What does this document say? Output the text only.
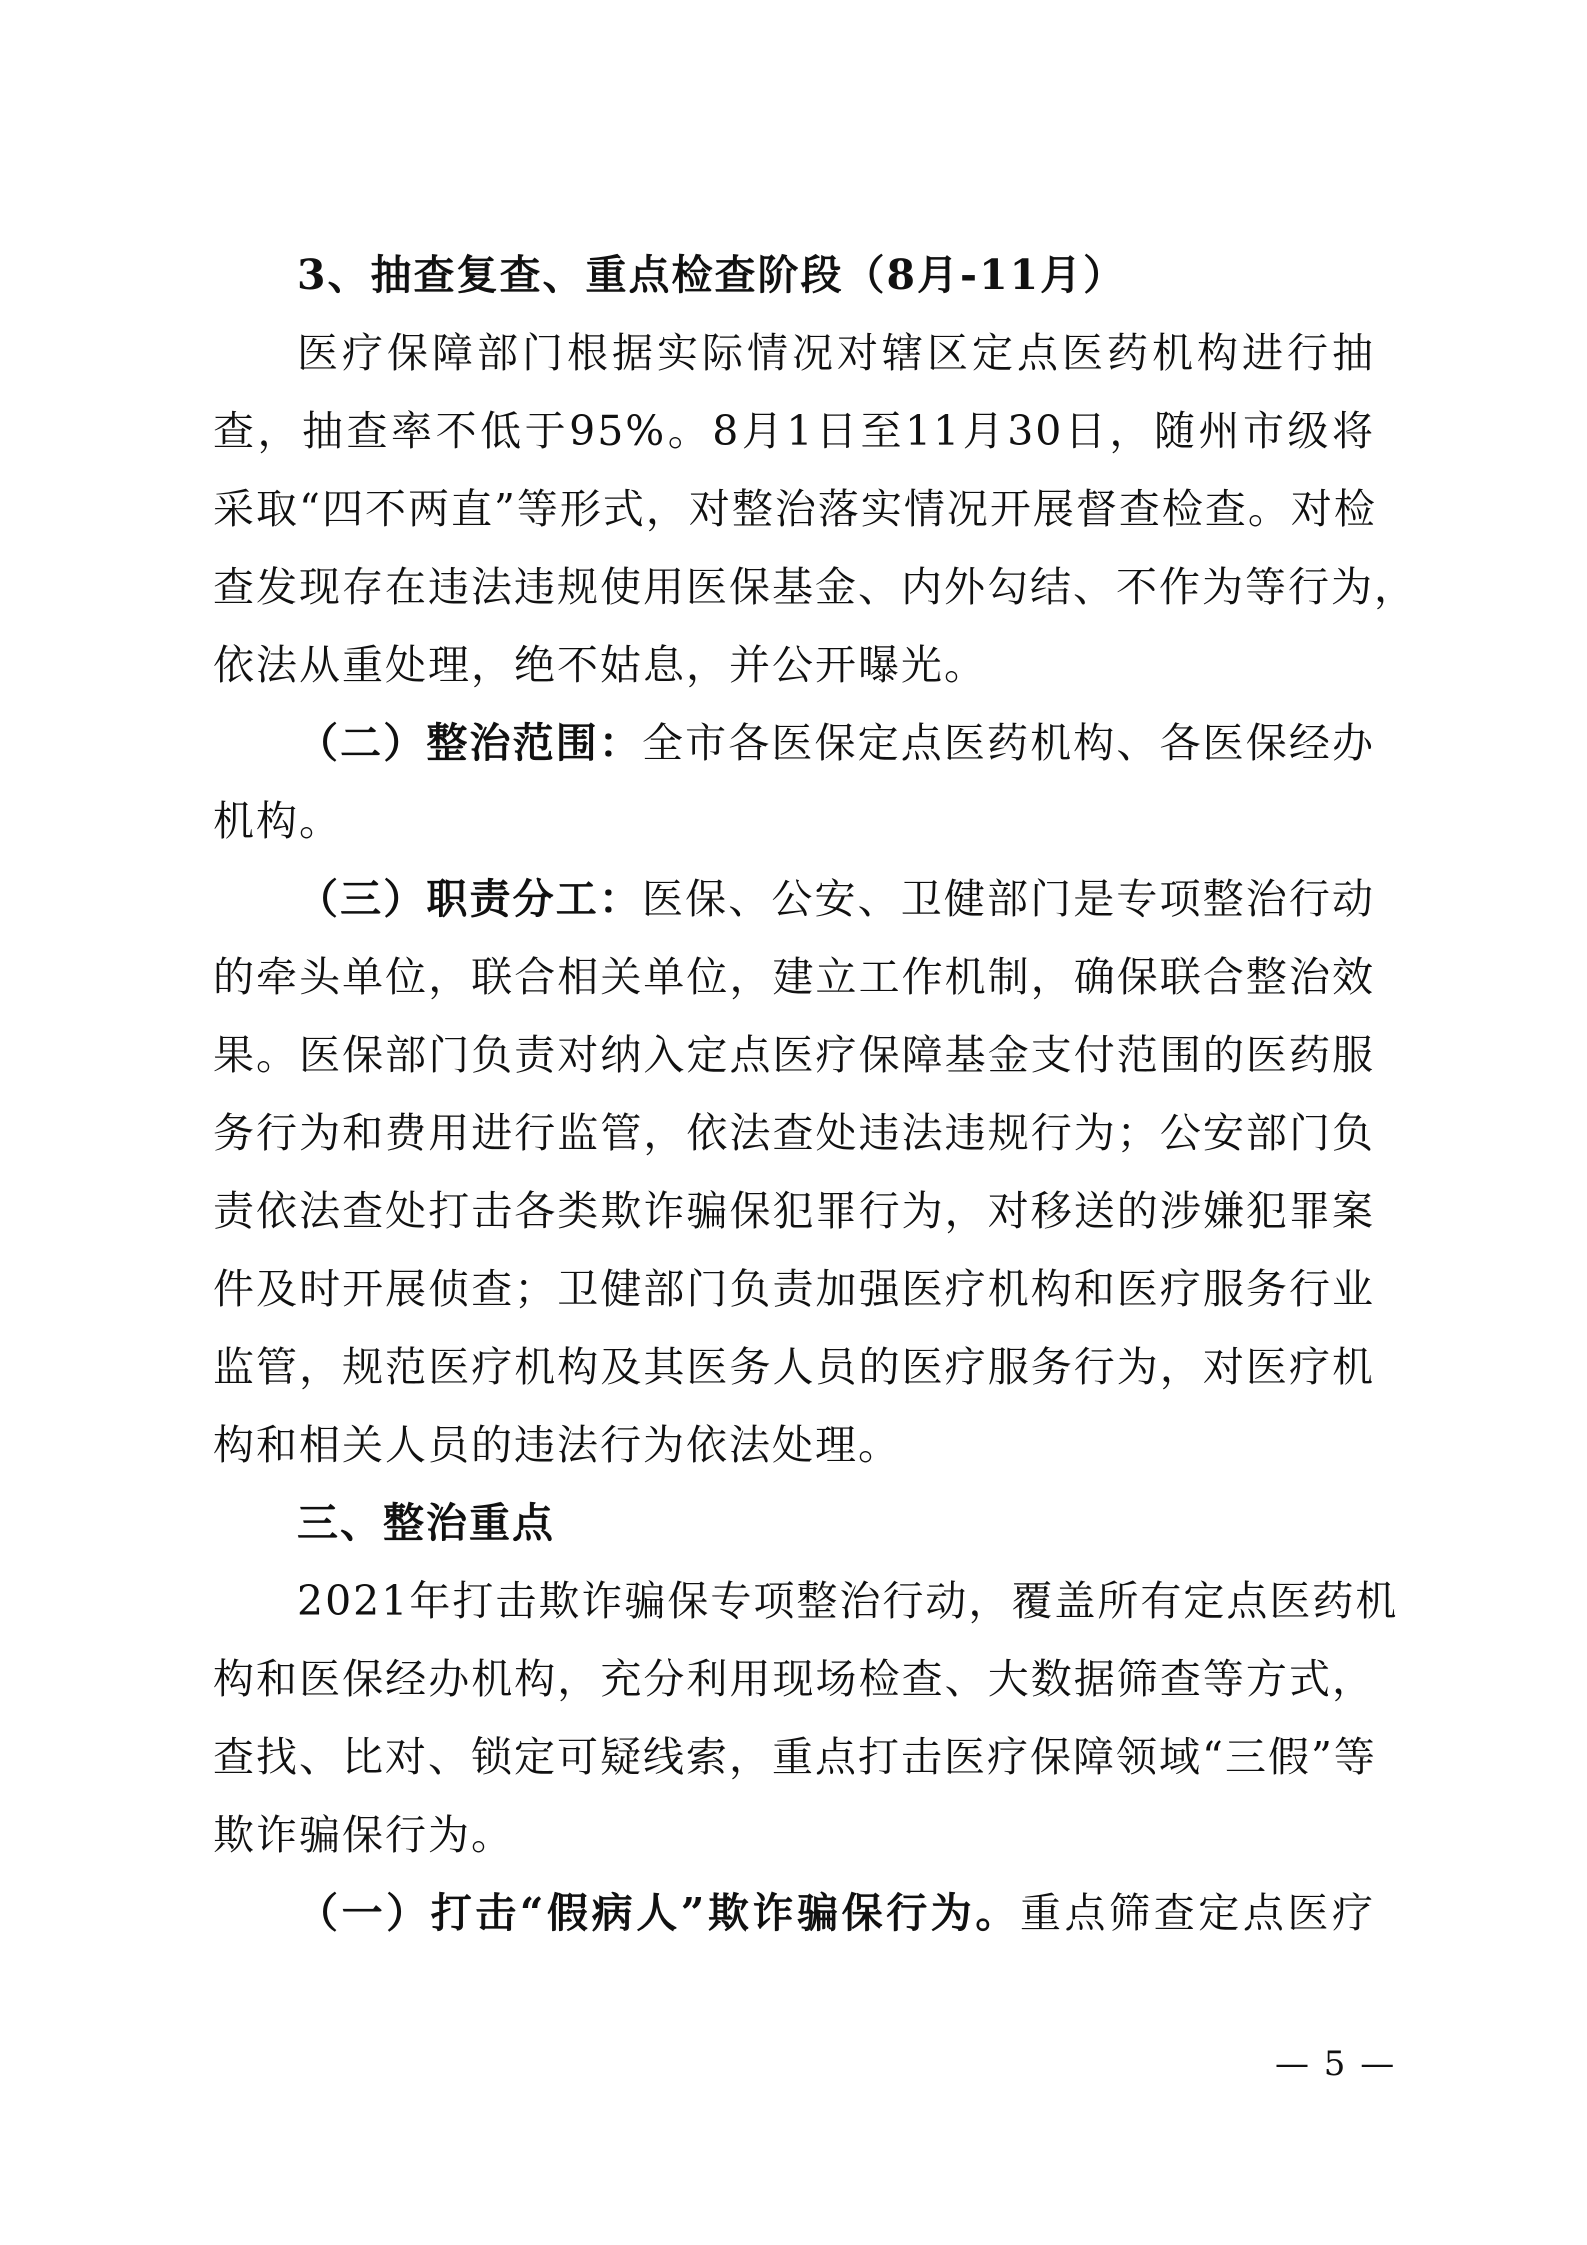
3、抽查复查、重点检查阶段（8月-11月）
医疗保障部门根据实际情况对辖区定点医药机构进行抽
查，抽查率不低于95%。8月1日至11月30日，随州市级将
采取“四不两直”等形式，对整治落实情况开展督查检查。对检
查发现存在违法违规使用医保基金、内外勾结、不作为等行为，
依法从重处理，绝不姑息，并公开曝光。
（二）整治范围：全市各医保定点医药机构、各医保经办
机构。
（三）职责分工：医保、公安、卫健部门是专项整治行动
的牵头单位，联合相关单位，建立工作机制，确保联合整治效
果。医保部门负责对纳入定点医疗保障基金支付范围的医药服
务行为和费用进行监管，依法查处违法违规行为；公安部门负
责依法查处打击各类欺诈骗保犯罪行为，对移送的涉嫌犯罪案
件及时开展侦查；卫健部门负责加强医疗机构和医疗服务行业
监管，规范医疗机构及其医务人员的医疗服务行为，对医疗机
构和相关人员的违法行为依法处理。
三、整治重点
2021年打击欺诈骗保专项整治行动，覆盖所有定点医药机
构和医保经办机构，充分利用现场检查、大数据筛查等方式，
查找、比对、锁定可疑线索，重点打击医疗保障领域“三假”等
欺诈骗保行为。
（一）打击“假病人”欺诈骗保行为。重点筛查定点医疗
— 5 —
